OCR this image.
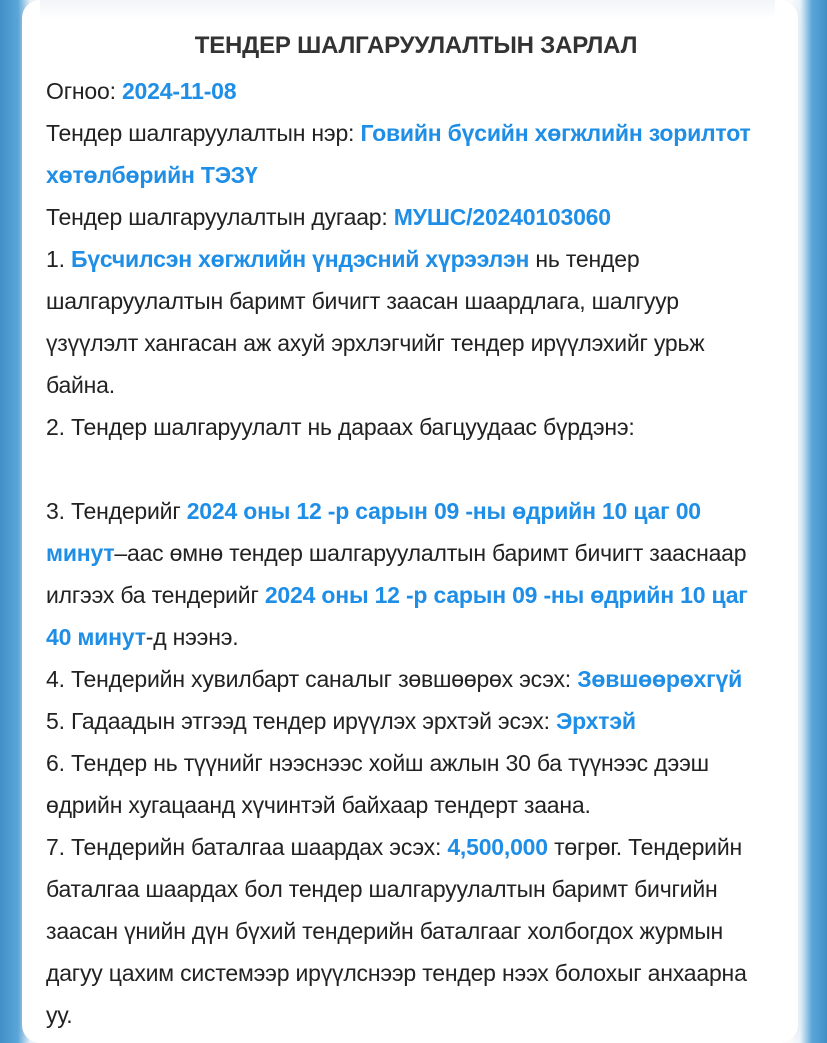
ТЕНДЕР ШАЛГАРУУЛАЛТЫН ЗАРЛАЛ

Огноо: 2024-11-08

Тендер шалгаруулалтын нэр: Говийн бүсийн хөгжлийн зорилтот хөтөлбөрийн ТЭЗҮ

Тендер шалгаруулалтын дугаар: МУШС/20240103060

1. Бүсчилсэн хөгжлийн үндэсний хүрээлэн нь тендер шалгаруулалтын баримт бичигт заасан шаардлага, шалгуур үзүүлэлт хангасан аж ахуй эрхлэгчийг тендер ирүүлэхийг урьж байна.

2. Тендер шалгаруулалт нь дараах багцуудаас бүрдэнэ:

3. Тендерийг 2024 оны 12 -р сарын 09 -ны өдрийн 10 цаг 00 минут–аас өмнө тендер шалгаруулалтын баримт бичигт зааснаар илгээх ба тендерийг 2024 оны 12 -р сарын 09 -ны өдрийн 10 цаг 40 минут-д нээнэ.

4. Тендерийн хувилбарт саналыг зөвшөөрөх эсэх: Зөвшөөрөхгүй

5. Гадаадын этгээд тендер ирүүлэх эрхтэй эсэх: Эрхтэй

6. Тендер нь түүнийг нээснээс хойш ажлын 30 ба түүнээс дээш өдрийн хугацаанд хүчинтэй байхаар тендерт заана.

7. Тендерийн баталгаа шаардах эсэх: 4,500,000 төгрөг. Тендерийн баталгаа шаардах бол тендер шалгаруулалтын баримт бичгийн заасан үнийн дүн бүхий тендерийн баталгааг холбогдох журмын дагуу цахим системээр ирүүлснээр тендер нээх болохыг анхаарна уу.
